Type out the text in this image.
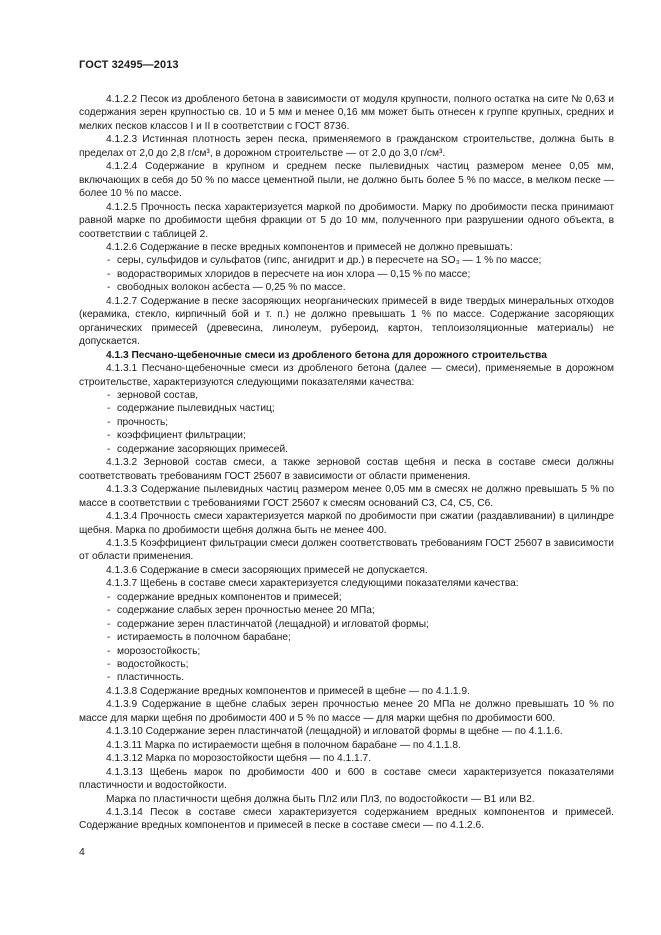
ГОСТ 32495—2013

4.1.2.2 Песок из дробленого бетона в зависимости от модуля крупности, полного остатка на сите № 0,63 и содержания зерен крупностью св. 10 и 5 мм и менее 0,16 мм может быть отнесен к группе крупных, средних и мелких песков классов I и II в соответствии с ГОСТ 8736.

4.1.2.3 Истинная плотность зерен песка, применяемого в гражданском строительстве, должна быть в пределах от 2,0 до 2,8 г/см³, в дорожном строительстве — от 2,0 до 3,0 г/см³.

4.1.2.4 Содержание в крупном и среднем песке пылевидных частиц размером менее 0,05 мм, включающих в себя до 50 % по массе цементной пыли, не должно быть более 5 % по массе, в мелком песке — более 10 % по массе.

4.1.2.5 Прочность песка характеризуется маркой по дробимости. Марку по дробимости песка принимают равной марке по дробимости щебня фракции от 5 до 10 мм, полученного при разрушении одного объекта, в соответствии с таблицей 2.

4.1.2.6 Содержание в песке вредных компонентов и примесей не должно превышать:

- серы, сульфидов и сульфатов (гипс, ангидрит и др.) в пересчете на SO₃ — 1 % по массе;

- водорастворимых хлоридов в пересчете на ион хлора — 0,15 % по массе;

- свободных волокон асбеста — 0,25 % по массе.

4.1.2.7 Содержание в песке засоряющих неорганических примесей в виде твердых минеральных отходов (керамика, стекло, кирпичный бой и т. п.) не должно превышать 1 % по массе. Содержание засоряющих органических примесей (древесина, линолеум, рубероид, картон, теплоизоляционные материалы) не допускается.

4.1.3 Песчано-щебеночные смеси из дробленого бетона для дорожного строительства

4.1.3.1 Песчано-щебеночные смеси из дробленого бетона (далее — смеси), применяемые в дорожном строительстве, характеризуются следующими показателями качества:

- зерновой состав,

- содержание пылевидных частиц;

- прочность;

- коэффициент фильтрации;

- содержание засоряющих примесей.

4.1.3.2 Зерновой состав смеси, а также зерновой состав щебня и песка в составе смеси должны соответствовать требованиям ГОСТ 25607 в зависимости от области применения.

4.1.3.3 Содержание пылевидных частиц размером менее 0,05 мм в смесях не должно превышать 5 % по массе в соответствии с требованиями ГОСТ 25607 к смесям оснований С3, С4, С5, С6.

4.1.3.4 Прочность смеси характеризуется маркой по дробимости при сжатии (раздавливании) в цилиндре щебня. Марка по дробимости щебня должна быть не менее 400.

4.1.3.5 Коэффициент фильтрации смеси должен соответствовать требованиям ГОСТ 25607 в зависимости от области применения.

4.1.3.6 Содержание в смеси засоряющих примесей не допускается.

4.1.3.7 Щебень в составе смеси характеризуется следующими показателями качества:

- содержание вредных компонентов и примесей;

- содержание слабых зерен прочностью менее 20 МПа;

- содержание зерен пластинчатой (лещадной) и игловатой формы;

- истираемость в полочном барабане;

- морозостойкость;

- водостойкость;

- пластичность.

4.1.3.8 Содержание вредных компонентов и примесей в щебне — по 4.1.1.9.

4.1.3.9 Содержание в щебне слабых зерен прочностью менее 20 МПа не должно превышать 10 % по массе для марки щебня по дробимости 400 и 5 % по массе — для марки щебня по дробимости 600.

4.1.3.10 Содержание зерен пластинчатой (лещадной) и игловатой формы в щебне — по 4.1.1.6.

4.1.3.11 Марка по истираемости щебня в полочном барабане — по 4.1.1.8.

4.1.3.12 Марка по морозостойкости щебня — по 4.1.1.7.

4.1.3.13 Щебень марок по дробимости 400 и 600 в составе смеси характеризуется показателями пластичности и водостойкости.

Марка по пластичности щебня должна быть Пл2 или Пл3, по водостойкости — В1 или В2.

4.1.3.14 Песок в составе смеси характеризуется содержанием вредных компонентов и примесей. Содержание вредных компонентов и примесей в песке в составе смеси — по 4.1.2.6.

4
